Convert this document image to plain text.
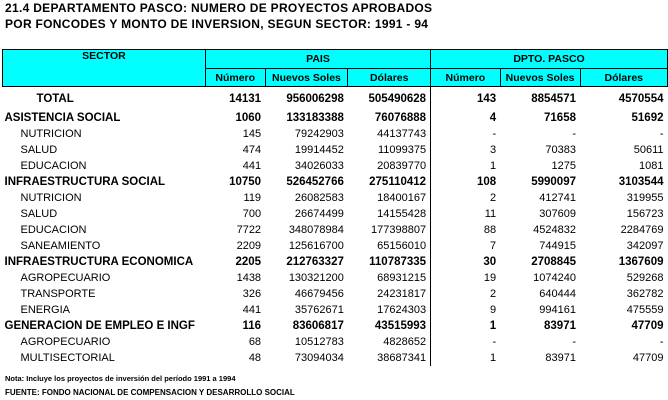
21.4 DEPARTAMENTO PASCO: NUMERO DE PROYECTOS APROBADOS
POR FONCODES Y MONTO DE INVERSION, SEGUN SECTOR: 1991 - 94
SECTOR	PAIS			DPTO. PASCO		
	Número	Nuevos Soles	Dólares	Número	Nuevos Soles	Dólares
TOTAL	14131	956006298	505490628	143	8854571	4570554
ASISTENCIA SOCIAL	1060	133183388	76076888	4	71658	51692
NUTRICION	145	79242903	44137743	-	-	-
SALUD	474	19914452	11099375	3	70383	50611
EDUCACION	441	34026033	20839770	1	1275	1081
INFRAESTRUCTURA SOCIAL	10750	526452766	275110412	108	5990097	3103544
NUTRICION	119	26082583	18400167	2	412741	319955
SALUD	700	26674499	14155428	11	307609	156723
EDUCACION	7722	348078984	177398807	88	4524832	2284769
SANEAMIENTO	2209	125616700	65156010	7	744915	342097
INFRAESTRUCTURA ECONOMICA	2205	212763327	110787335	30	2708845	1367609
AGROPECUARIO	1438	130321200	68931215	19	1074240	529268
TRANSPORTE	326	46679456	24231817	2	640444	362782
ENERGIA	441	35762671	17624303	9	994161	475559
GENERACION DE EMPLEO E INGF	116	83606817	43515993	1	83971	47709
AGROPECUARIO	68	10512783	4828652	-	-	-
MULTISECTORIAL	48	73094034	38687341	1	83971	47709
Nota: Incluye los proyectos de inversión del período 1991 a 1994
FUENTE: FONDO NACIONAL DE COMPENSACION Y DESARROLLO SOCIAL
